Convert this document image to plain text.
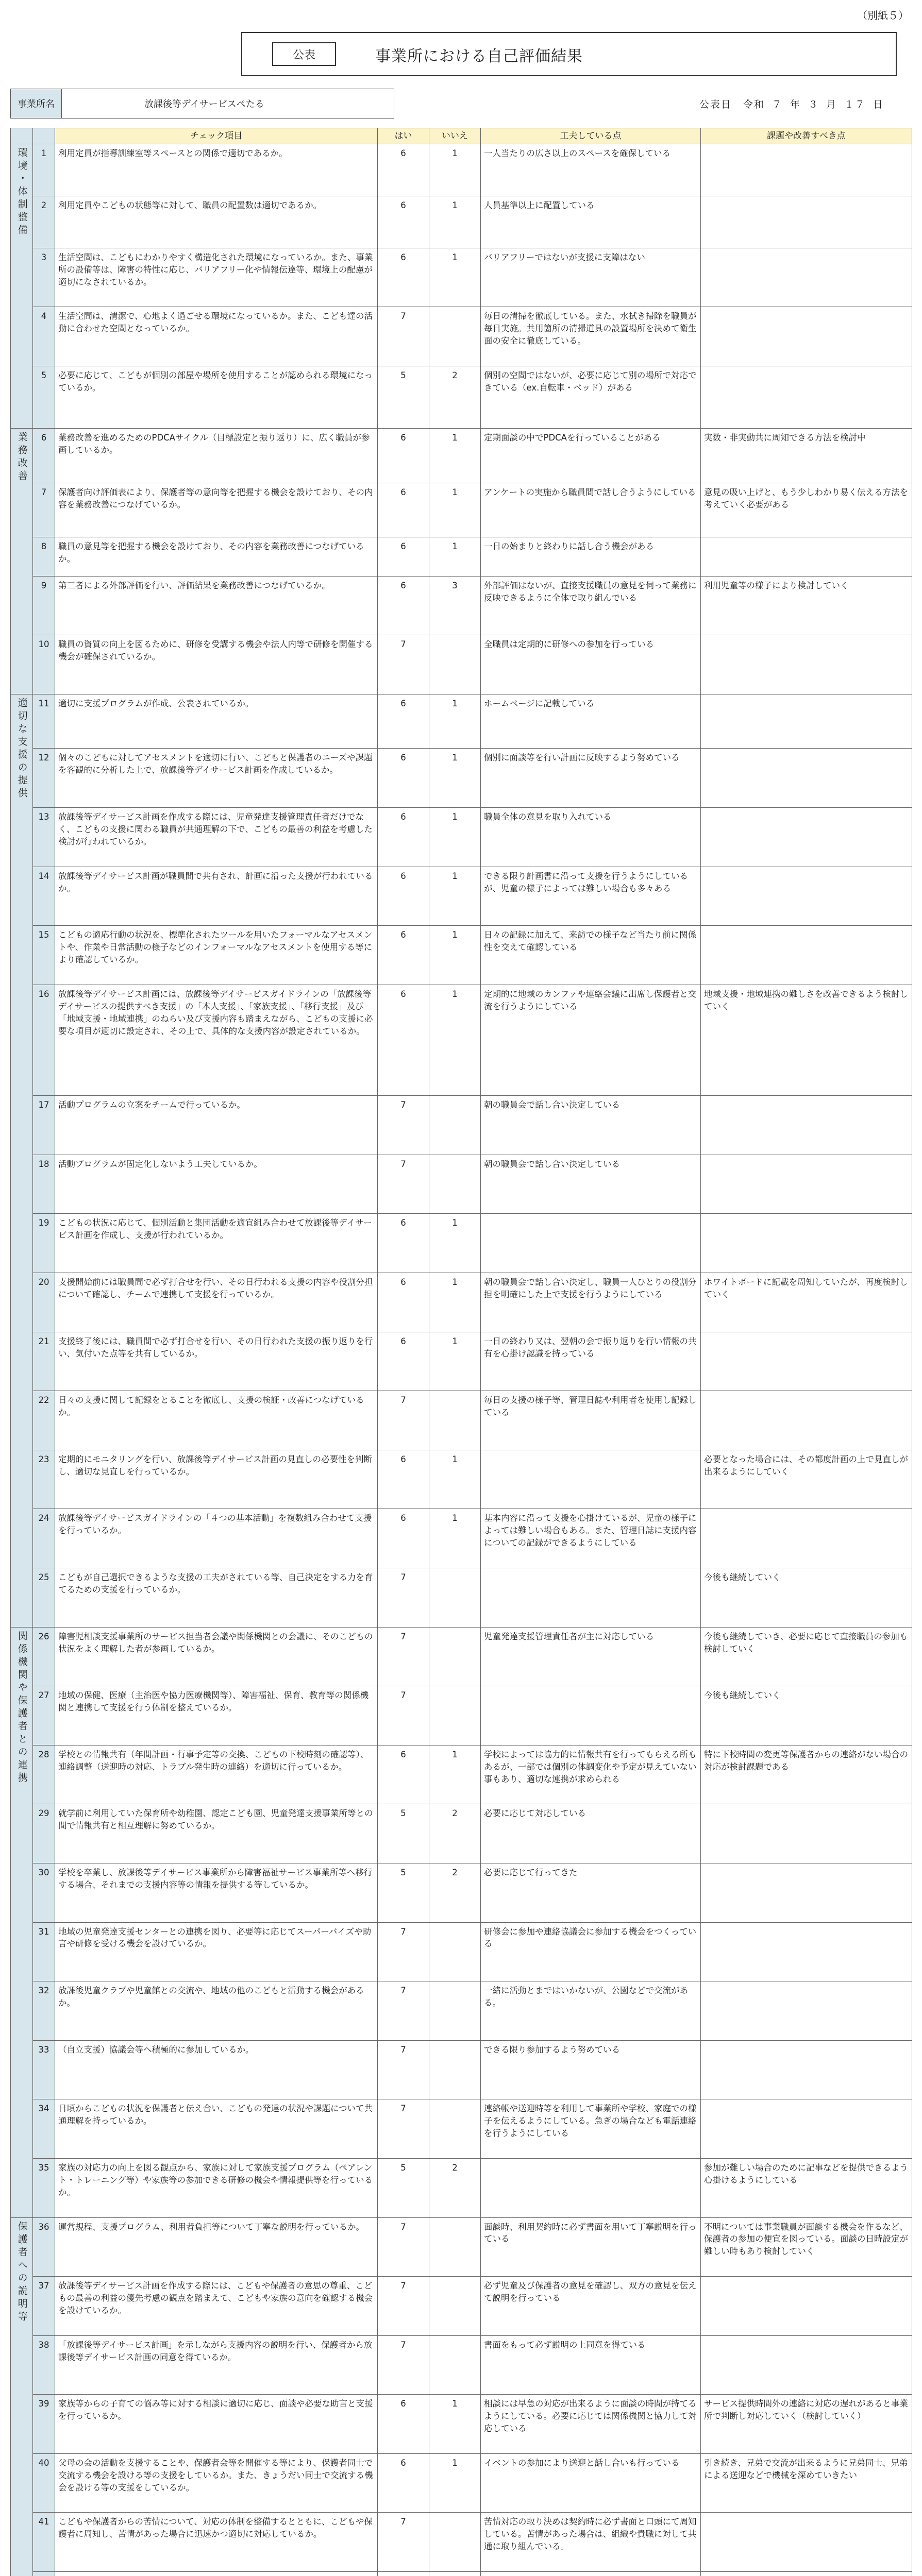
（別紙５）
公表	事業所における自己評価結果
事業所名	放課後等デイサービスぺたる	公表日 令和 ７ 年 ３ 月 １７ 日
		チェック項目	はい	いいえ	工夫している点	課題や改善すべき点
環境・体制整備	1	利用定員が指導訓練室等スペースとの関係で適切であるか。	6	1	一人当たりの広さ以上のスペースを確保している	
	2	利用定員やこどもの状態等に対して、職員の配置数は適切であるか。	6	1	人員基準以上に配置している	
	3	生活空間は、こどもにわかりやすく構造化された環境になっているか。また、事業所の設備等は、障害の特性に応じ、バリアフリー化や情報伝達等、環境上の配慮が適切になされているか。	6	1	バリアフリーではないが支援に支障はない	
	4	生活空間は、清潔で、心地よく過ごせる環境になっているか。また、こども達の活動に合わせた空間となっているか。	7		毎日の清掃を徹底している。また、水拭き掃除を職員が毎日実施。共用箇所の清掃道具の設置場所を決めて衛生面の安全に徹底している。	
	5	必要に応じて、こどもが個別の部屋や場所を使用することが認められる環境になっているか。	5	2	個別の空間ではないが、必要に応じて別の場所で対応できている（ex.自転車・ベッド）がある	
業務改善	6	業務改善を進めるためのPDCAサイクル（目標設定と振り返り）に、広く職員が参画しているか。	6	1	定期面談の中でPDCAを行っていることがある	実数・非実動共に周知できる方法を検討中
	7	保護者向け評価表により、保護者等の意向等を把握する機会を設けており、その内容を業務改善につなげているか。	6	1	アンケートの実施から職員間で話し合うようにしている	意見の吸い上げと、もう少しわかり易く伝える方法を考えていく必要がある
	8	職員の意見等を把握する機会を設けており、その内容を業務改善につなげているか。	6	1	一日の始まりと終わりに話し合う機会がある	
	9	第三者による外部評価を行い、評価結果を業務改善につなげているか。	6	3	外部評価はないが、直接支援職員の意見を伺って業務に反映できるように全体で取り組んでいる	利用児童等の様子により検討していく
	10	職員の資質の向上を図るために、研修を受講する機会や法人内等で研修を開催する機会が確保されているか。	7		全職員は定期的に研修への参加を行っている	
適切な支援の提供	11	適切に支援プログラムが作成、公表されているか。	6	1	ホームページに記載している	
	12	個々のこどもに対してアセスメントを適切に行い、こどもと保護者のニーズや課題を客観的に分析した上で、放課後等デイサービス計画を作成しているか。	6	1	個別に面談等を行い計画に反映するよう努めている	
	13	放課後等デイサービス計画を作成する際には、児童発達支援管理責任者だけでなく、こどもの支援に関わる職員が共通理解の下で、こどもの最善の利益を考慮した検討が行われているか。	6	1	職員全体の意見を取り入れている	
	14	放課後等デイサービス計画が職員間で共有され、計画に沿った支援が行われているか。	6	1	できる限り計画書に沿って支援を行うようにしているが、児童の様子によっては難しい場合も多々ある	
	15	こどもの適応行動の状況を、標準化されたツールを用いたフォーマルなアセスメントや、作業や日常活動の様子などのインフォーマルなアセスメントを使用する等により確認しているか。	6	1	日々の記録に加えて、来訪での様子など当たり前に関係性を交えて確認している	
	16	放課後等デイサービス計画には、放課後等デイサービスガイドラインの「放課後等デイサービスの提供すべき支援」の「本人支援」、「家族支援」、「移行支援」及び「地域支援・地域連携」のねらい及び支援内容も踏まえながら、こどもの支援に必要な項目が適切に設定され、その上で、具体的な支援内容が設定されているか。	6	1	定期的に地域のカンファや連絡会議に出席し保護者と交流を行うようにしている	地域支援・地域連携の難しさを改善できるよう検討していく
	17	活動プログラムの立案をチームで行っているか。	7		朝の職員会で話し合い決定している	
	18	活動プログラムが固定化しないよう工夫しているか。	7		朝の職員会で話し合い決定している	
	19	こどもの状況に応じて、個別活動と集団活動を適宜組み合わせて放課後等デイサービス計画を作成し、支援が行われているか。	6	1		
	20	支援開始前には職員間で必ず打合せを行い、その日行われる支援の内容や役割分担について確認し、チームで連携して支援を行っているか。	6	1	朝の職員会で話し合い決定し、職員一人ひとりの役割分担を明確にした上で支援を行うようにしている	ホワイトボードに記載を周知していたが、再度検討していく
	21	支援終了後には、職員間で必ず打合せを行い、その日行われた支援の振り返りを行い、気付いた点等を共有しているか。	6	1	一日の終わり又は、翌朝の会で振り返りを行い情報の共有を心掛け認識を持っている	
	22	日々の支援に関して記録をとることを徹底し、支援の検証・改善につなげているか。	7		毎日の支援の様子等、管理日誌や利用者を使用し記録している	
	23	定期的にモニタリングを行い、放課後等デイサービス計画の見直しの必要性を判断し、適切な見直しを行っているか。	6	1		必要となった場合には、その都度計画の上で見直しが出来るようにしていく
	24	放課後等デイサービスガイドラインの「４つの基本活動」を複数組み合わせて支援を行っているか。	6	1	基本内容に沿って支援を心掛けているが、児童の様子によっては難しい場合もある。また、管理日誌に支援内容についての記録ができるようにしている	
	25	こどもが自己選択できるような支援の工夫がされている等、自己決定をする力を育てるための支援を行っているか。	7			今後も継続していく
関係機関や保護者との連携	26	障害児相談支援事業所のサービス担当者会議や関係機関との会議に、そのこどもの状況をよく理解した者が参画しているか。	7		児童発達支援管理責任者が主に対応している	今後も継続していき、必要に応じて直接職員の参加も検討していく
	27	地域の保健、医療（主治医や協力医療機関等）、障害福祉、保育、教育等の関係機関と連携して支援を行う体制を整えているか。	7			今後も継続していく
	28	学校との情報共有（年間計画・行事予定等の交換、こどもの下校時刻の確認等）、連絡調整（送迎時の対応、トラブル発生時の連絡）を適切に行っているか。	6	1	学校によっては協力的に情報共有を行ってもらえる所もあるが、一部では個別の体調変化や予定が見えていない事もあり、適切な連携が求められる	特に下校時間の変更等保護者からの連絡がない場合の対応が検討課題である
	29	就学前に利用していた保育所や幼稚園、認定こども園、児童発達支援事業所等との間で情報共有と相互理解に努めているか。	5	2	必要に応じて対応している	
	30	学校を卒業し、放課後等デイサービス事業所から障害福祉サービス事業所等へ移行する場合、それまでの支援内容等の情報を提供する等しているか。	5	2	必要に応じて行ってきた	
	31	地域の児童発達支援センターとの連携を図り、必要等に応じてスーパーバイズや助言や研修を受ける機会を設けているか。	7		研修会に参加や連絡協議会に参加する機会をつくっている	
	32	放課後児童クラブや児童館との交流や、地域の他のこどもと活動する機会があるか。	7		一緒に活動とまではいかないが、公園などで交流がある。	
	33	（自立支援）協議会等へ積極的に参加しているか。	7		できる限り参加するよう努めている	
	34	日頃からこどもの状況を保護者と伝え合い、こどもの発達の状況や課題について共通理解を持っているか。	7		連絡帳や送迎時等を利用して事業所や学校、家庭での様子を伝えるようにしている。急ぎの場合なども電話連絡を行うようにしている	
	35	家族の対応力の向上を図る観点から、家族に対して家族支援プログラム（ペアレント・トレーニング等）や家族等の参加できる研修の機会や情報提供等を行っているか。	5	2		参加が難しい場合のために記事などを提供できるよう心掛けるようにしている
保護者への説明等	36	運営規程、支援プログラム、利用者負担等について丁寧な説明を行っているか。	7		面談時、利用契約時に必ず書面を用いて丁寧説明を行っている	不明については事業職員が面談する機会を作るなど、保護者の参加の便宜を図っている。面談の日時設定が難しい時もあり検討していく
	37	放課後等デイサービス計画を作成する際には、こどもや保護者の意思の尊重、こどもの最善の利益の優先考慮の観点を踏まえて、こどもや家族の意向を確認する機会を設けているか。	7		必ず児童及び保護者の意見を確認し、双方の意見を伝えて説明を行っている	
	38	「放課後等デイサービス計画」を示しながら支援内容の説明を行い、保護者から放課後等デイサービス計画の同意を得ているか。	7		書面をもって必ず説明の上同意を得ている	
	39	家族等からの子育ての悩み等に対する相談に適切に応じ、面談や必要な助言と支援を行っているか。	6	1	相談には早急の対応が出来るように面談の時間が持てるようにしている。必要に応じては関係機関と協力して対応している	サービス提供時間外の連絡に対応の遅れがあると事業所で判断し対応していく（検討していく）
	40	父母の会の活動を支援することや、保護者会等を開催する等により、保護者同士で交流する機会を設ける等の支援をしているか。また、きょうだい同士で交流する機会を設ける等の支援をしているか。	6	1	イベントの参加により送迎と話し合いも行っている	引き続き、兄弟で交流が出来るように兄弟同士、兄弟による送迎などで機械を深めていきたい
	41	こどもや保護者からの苦情について、対応の体制を整備するとともに、こどもや保護者に周知し、苦情があった場合に迅速かつ適切に対応しているか。	7		苦情対応の取り決めは契約時に必ず書面と口頭にて周知している。苦情があった場合は、組織や貴職に対して共通に取り組んでいる。	
